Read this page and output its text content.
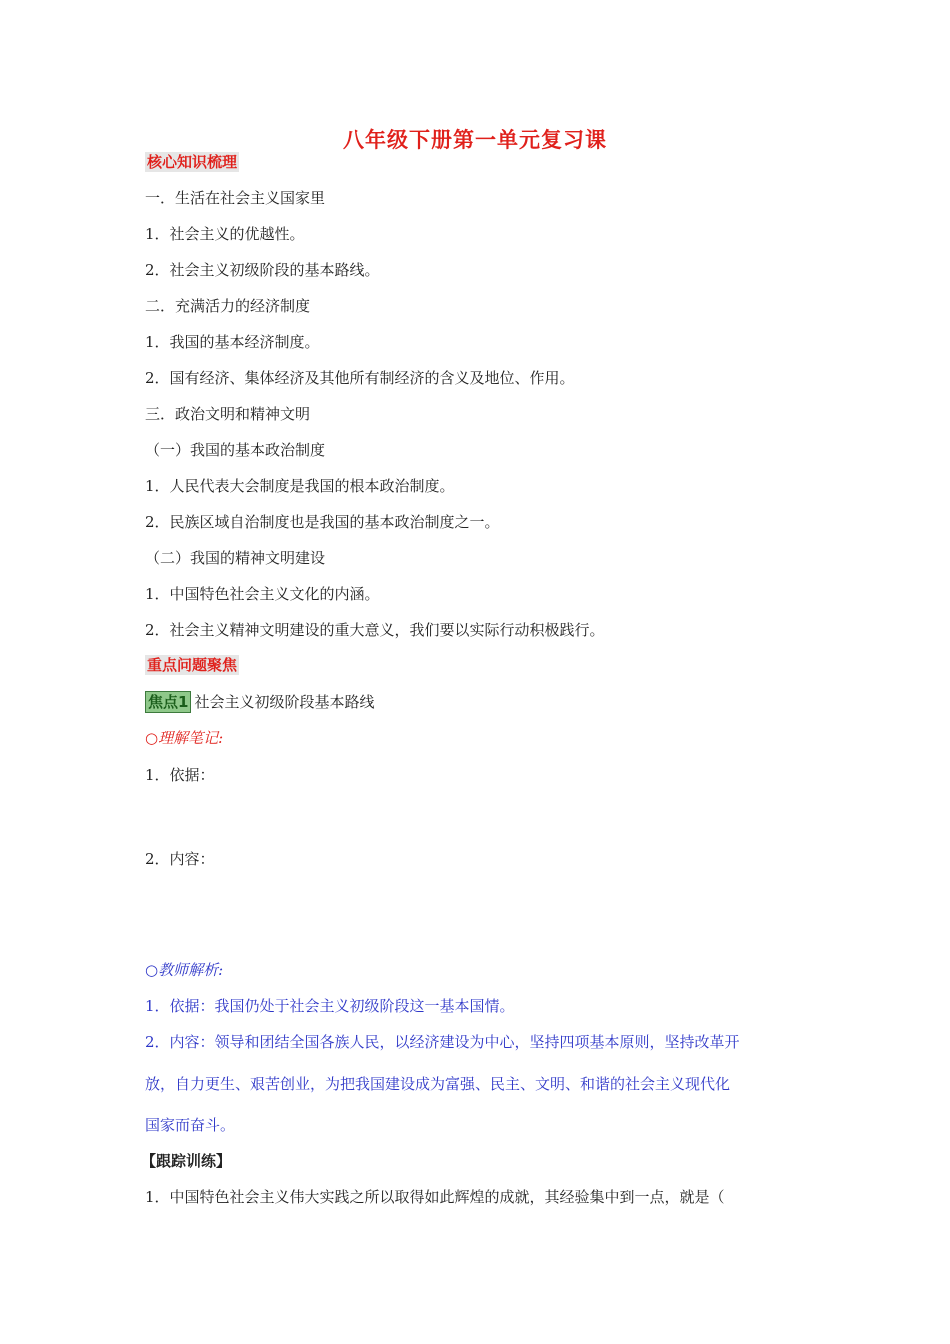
八年级下册第一单元复习课
核心知识梳理
一．生活在社会主义国家里
1．社会主义的优越性。
2．社会主义初级阶段的基本路线。
二．充满活力的经济制度
1．我国的基本经济制度。
2．国有经济、集体经济及其他所有制经济的含义及地位、作用。
三．政治文明和精神文明
（一）我国的基本政治制度
1．人民代表大会制度是我国的根本政治制度。
2．民族区域自治制度也是我国的基本政治制度之一。
（二）我国的精神文明建设
1．中国特色社会主义文化的内涵。
2．社会主义精神文明建设的重大意义，我们要以实际行动积极践行。
重点问题聚焦
焦点1 社会主义初级阶段基本路线
○理解笔记:
1．依据：
2．内容：
○教师解析:
1．依据：我国仍处于社会主义初级阶段这一基本国情。
2．内容：领导和团结全国各族人民，以经济建设为中心，坚持四项基本原则，坚持改革开
放，自力更生、艰苦创业，为把我国建设成为富强、民主、文明、和谐的社会主义现代化
国家而奋斗。
【跟踪训练】
1．中国特色社会主义伟大实践之所以取得如此辉煌的成就，其经验集中到一点，就是（
